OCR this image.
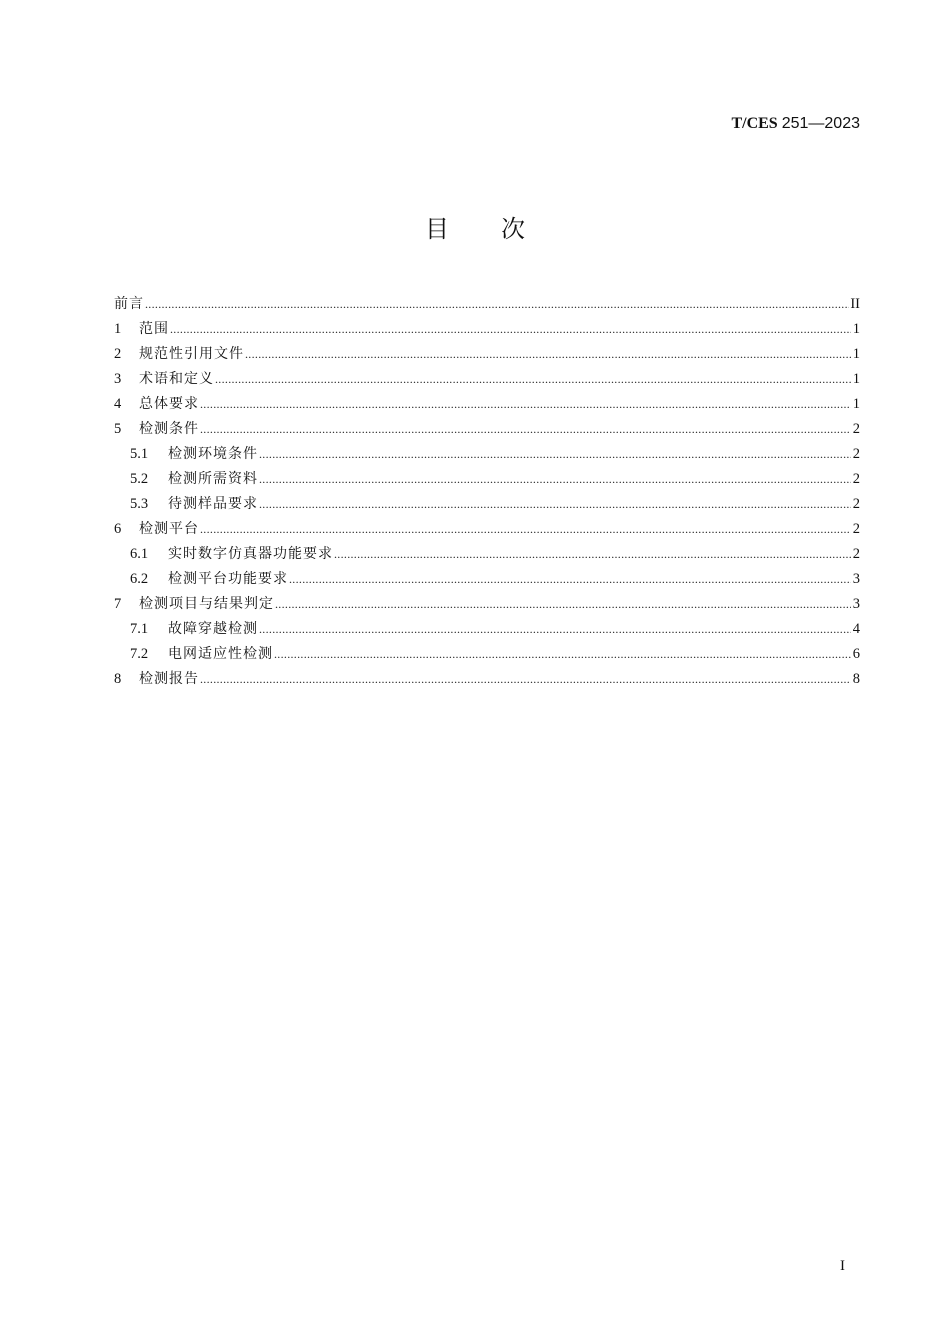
T/CES 251—2023
目 次
前言 .....	II
1	范围 .....	1
2	规范性引用文件 .....	1
3	术语和定义 .....	1
4	总体要求 .....	1
5	检测条件 .....	2
5.1	检测环境条件 .....	2
5.2	检测所需资料 .....	2
5.3	待测样品要求 .....	2
6	检测平台 .....	2
6.1	实时数字仿真器功能要求 .....	2
6.2	检测平台功能要求 .....	3
7	检测项目与结果判定 .....	3
7.1	故障穿越检测 .....	4
7.2	电网适应性检测 .....	6
8	检测报告 .....	8
I
